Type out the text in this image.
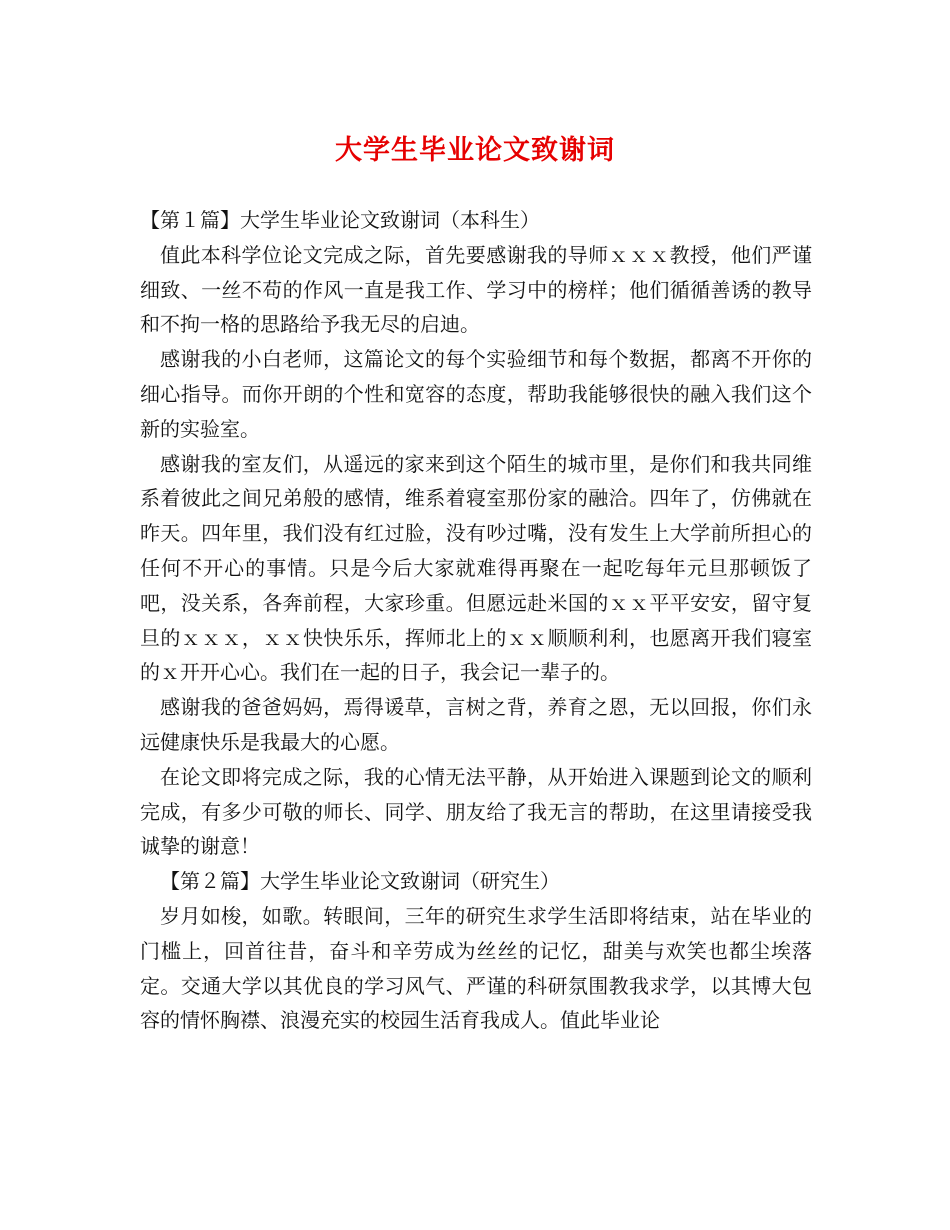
大学生毕业论文致谢词

【第１篇】大学生毕业论文致谢词（本科生）

值此本科学位论文完成之际，首先要感谢我的导师ｘｘｘ教授，他们严谨细致、一丝不苟的作风一直是我工作、学习中的榜样；他们循循善诱的教导和不拘一格的思路给予我无尽的启迪。

感谢我的小白老师，这篇论文的每个实验细节和每个数据，都离不开你的细心指导。而你开朗的个性和宽容的态度，帮助我能够很快的融入我们这个新的实验室。

感谢我的室友们，从遥远的家来到这个陌生的城市里，是你们和我共同维系着彼此之间兄弟般的感情，维系着寝室那份家的融洽。四年了，仿佛就在昨天。四年里，我们没有红过脸，没有吵过嘴，没有发生上大学前所担心的任何不开心的事情。只是今后大家就难得再聚在一起吃每年元旦那顿饭了吧，没关系，各奔前程，大家珍重。但愿远赴米国的ｘｘ平平安安，留守复旦的ｘｘｘ，ｘｘ快快乐乐，挥师北上的ｘｘ顺顺利利，也愿离开我们寝室的ｘ开开心心。我们在一起的日子，我会记一辈子的。

感谢我的爸爸妈妈，焉得谖草，言树之背，养育之恩，无以回报，你们永远健康快乐是我最大的心愿。

在论文即将完成之际，我的心情无法平静，从开始进入课题到论文的顺利完成，有多少可敬的师长、同学、朋友给了我无言的帮助，在这里请接受我诚挚的谢意！

【第２篇】大学生毕业论文致谢词（研究生）

岁月如梭，如歌。转眼间，三年的研究生求学生活即将结束，站在毕业的门槛上，回首往昔，奋斗和辛劳成为丝丝的记忆，甜美与欢笑也都尘埃落定。交通大学以其优良的学习风气、严谨的科研氛围教我求学，以其博大包容的情怀胸襟、浪漫充实的校园生活育我成人。值此毕业论
